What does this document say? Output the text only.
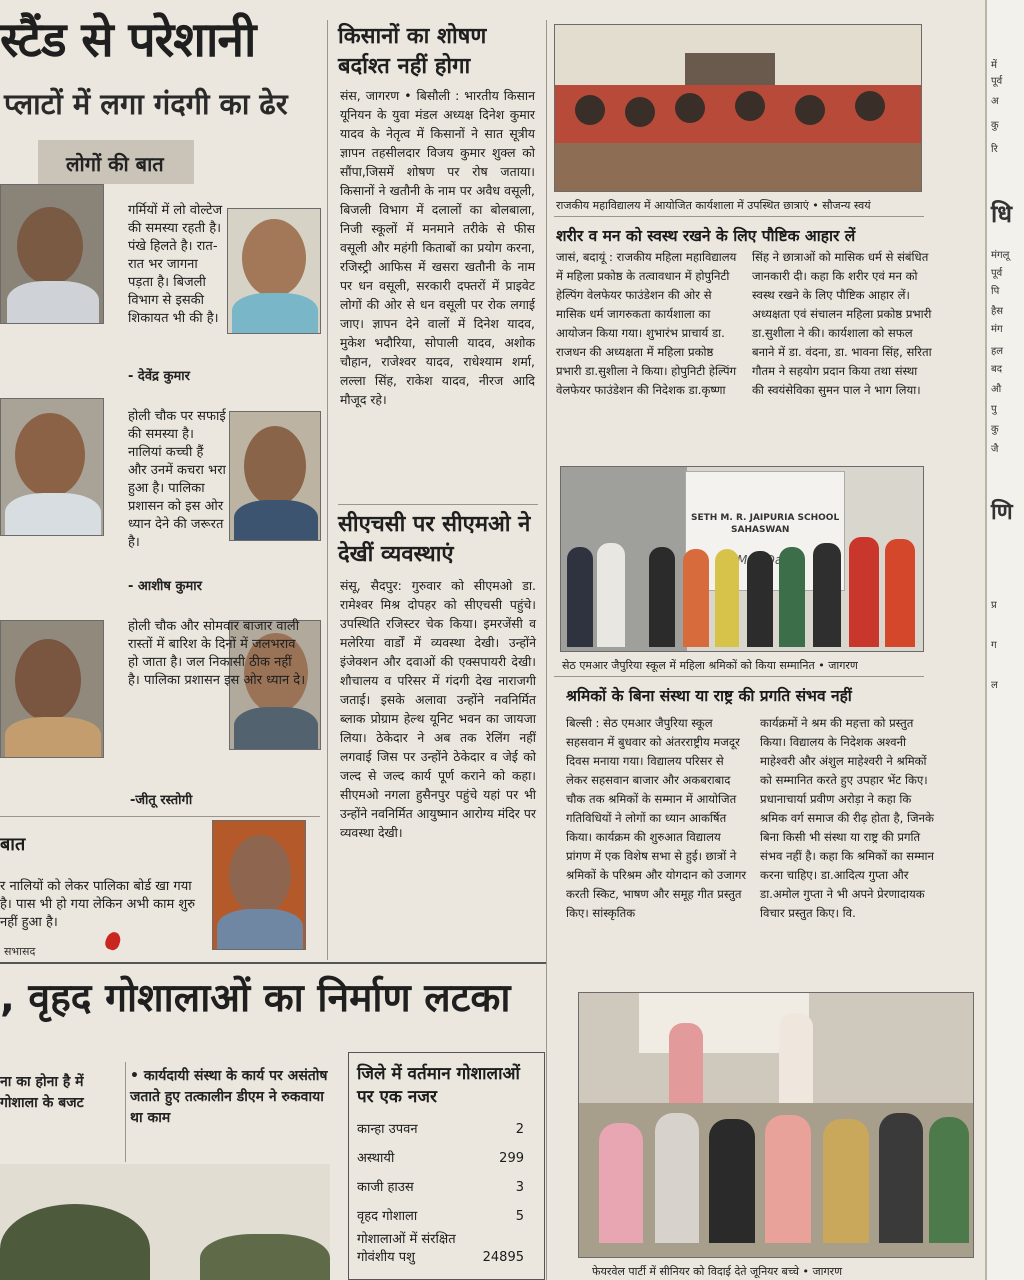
स्टैंड से परेशानी
प्लाटों में लगा गंदगी का ढेर
लोगों की बात
गर्मियों में लो वोल्टेज की समस्या रहती है। पंखे हिलते है। रात-रात भर जागना पड़ता है। बिजली विभाग से इसकी शिकायत भी की है।
- देवेंद्र कुमार
होली चौक पर सफाई की समस्या है। नालियां कच्ची हैं और उनमें कचरा भरा हुआ है। पालिका प्रशासन को इस ओर ध्यान देने की जरूरत है।
- आशीष कुमार
होली चौक और सोमवार बाजार वाली रास्तों में बारिश के दिनों में जलभराव हो जाता है। जल निकासी ठीक नहीं है। पालिका प्रशासन इस ओर ध्यान दे।
-जीतू रस्तोगी
बात
र नालियों को लेकर पालिका बोर्ड खा गया है। पास भी हो गया लेकिन अभी काम शुरु नहीं हुआ है।
सभासद
किसानों का शोषण बर्दाश्त नहीं होगा
संस, जागरण • बिसौली : भारतीय किसान यूनियन के युवा मंडल अध्यक्ष दिनेश कुमार यादव के नेतृत्व में किसानों ने सात सूत्रीय ज्ञापन तहसीलदार विजय कुमार शुक्ल को सौंपा,जिसमें शोषण पर रोष जताया। किसानों ने खतौनी के नाम पर अवैध वसूली, बिजली विभाग में दलालों का बोलबाला, निजी स्कूलों में मनमाने तरीके से फीस वसूली और महंगी किताबों का प्रयोग करना, रजिस्ट्री आफिस में खसरा खतौनी के नाम पर धन वसूली, सरकारी दफ्तरों में प्राइवेट लोगों की ओर से धन वसूली पर रोक लगाई जाए। ज्ञापन देने वालों में दिनेश यादव, मुकेश भदौरिया, सोपाली यादव, अशोक चौहान, राजेश्वर यादव, राधेश्याम शर्मा, लल्ला सिंह, राकेश यादव, नीरज आदि मौजूद रहे।
सीएचसी पर सीएमओ ने देखीं व्यवस्थाएं
संसू, सैदपुर: गुरुवार को सीएमओ डा. रामेश्वर मिश्र दोपहर को सीएचसी पहुंचे। उपस्थिति रजिस्टर चेक किया। इमरजेंसी व मलेरिया वार्डों में व्यवस्था देखी। उन्होंने इंजेक्शन और दवाओं की एक्सपायरी देखी। शौचालय व परिसर में गंदगी देख नाराजगी जताई। इसके अलावा उन्होंने नवनिर्मित ब्लाक प्रोग्राम हेल्थ यूनिट भवन का जायजा लिया। ठेकेदार ने अब तक रेलिंग नहीं लगवाई जिस पर उन्होंने ठेकेदार व जेई को जल्द से जल्द कार्य पूर्ण कराने को कहा। सीएमओ नगला हुसैनपुर पहुंचे यहां पर भी उन्होंने नवनिर्मित आयुष्मान आरोग्य मंदिर पर व्यवस्था देखी।
राजकीय महाविद्यालय में आयोजित कार्यशाला में उपस्थित छात्राएं • सौजन्य स्वयं
शरीर व मन को स्वस्थ रखने के लिए पौष्टिक आहार लें
जासं, बदायूं : राजकीय महिला महाविद्यालय में महिला प्रकोष्ठ के तत्वावधान में होपुनिटी हेल्पिंग वेलफेयर फाउंडेशन की ओर से मासिक धर्म जागरुकता कार्यशाला का आयोजन किया गया। शुभारंभ प्राचार्य डा. राजधन की अध्यक्षता में महिला प्रकोष्ठ प्रभारी डा.सुशीला ने किया। होपुनिटी हेल्पिंग वेलफेयर फाउंडेशन की निदेशक डा.कृष्णा
सिंह ने छात्राओं को मासिक धर्म से संबंधित जानकारी दी। कहा कि शरीर एवं मन को स्वस्थ रखने के लिए पौष्टिक आहार लें। अध्यक्षता एवं संचालन महिला प्रकोष्ठ प्रभारी डा.सुशीला ने की। कार्यशाला को सफल बनाने में डा. वंदना, डा. भावना सिंह, सरिता गौतम ने सहयोग प्रदान किया तथा संस्था की स्वयंसेविका सुमन पाल ने भाग लिया।
SETH M. R. JAIPURIA SCHOOL
SAHASWAN
Day
सेठ एमआर जैपुरिया स्कूल में महिला श्रमिकों को किया सम्मानित • जागरण
श्रमिकों के बिना संस्था या राष्ट्र की प्रगति संभव नहीं
बिल्सी : सेठ एमआर जैपुरिया स्कूल सहसवान में बुधवार को अंतरराष्ट्रीय मजदूर दिवस मनाया गया। विद्यालय परिसर से लेकर सहसवान बाजार और अकबराबाद चौक तक श्रमिकों के सम्मान में आयोजित गतिविधियों ने लोगों का ध्यान आकर्षित किया। कार्यक्रम की शुरुआत विद्यालय प्रांगण में एक विशेष सभा से हुई। छात्रों ने श्रमिकों के परिश्रम और योगदान को उजागर करती स्किट, भाषण और समूह गीत प्रस्तुत किए। सांस्कृतिक
कार्यक्रमों ने श्रम की महत्ता को प्रस्तुत किया। विद्यालय के निदेशक अश्वनी माहेश्वरी और अंशुल माहेश्वरी ने श्रमिकों को सम्मानित करते हुए उपहार भेंट किए। प्रधानाचार्या प्रवीण अरोड़ा ने कहा कि श्रमिक वर्ग समाज की रीढ़ होता है, जिनके बिना किसी भी संस्था या राष्ट्र की प्रगति संभव नहीं है। कहा कि श्रमिकों का सम्मान करना चाहिए। डा.आदित्य गुप्ता और डा.अमोल गुप्ता ने भी अपने प्रेरणादायक विचार प्रस्तुत किए। वि.
फेयरवेल पार्टी में सीनियर को विदाई देते जूनियर बच्चे • जागरण
, वृहद गोशालाओं का निर्माण लटका
ना का होना है में गोशाला के बजट
• कार्यदायी संस्था के कार्य पर असंतोष जताते हुए तत्कालीन डीएम ने रुकवाया था काम
जिले में वर्तमान गोशालाओं पर एक नजर
कान्हा उपवन	2
अस्थायी	299
काजी हाउस	3
वृहद गोशाला	5
गोशालाओं में संरक्षित गोवंशीय पशु	24895
में
पूर्व
अ
कु
रि
धि
मंगलू
पूर्व
पि
हैस
मंग
हल
बद
औ
पु
कु
जै
णि
प्र
ग
ल
